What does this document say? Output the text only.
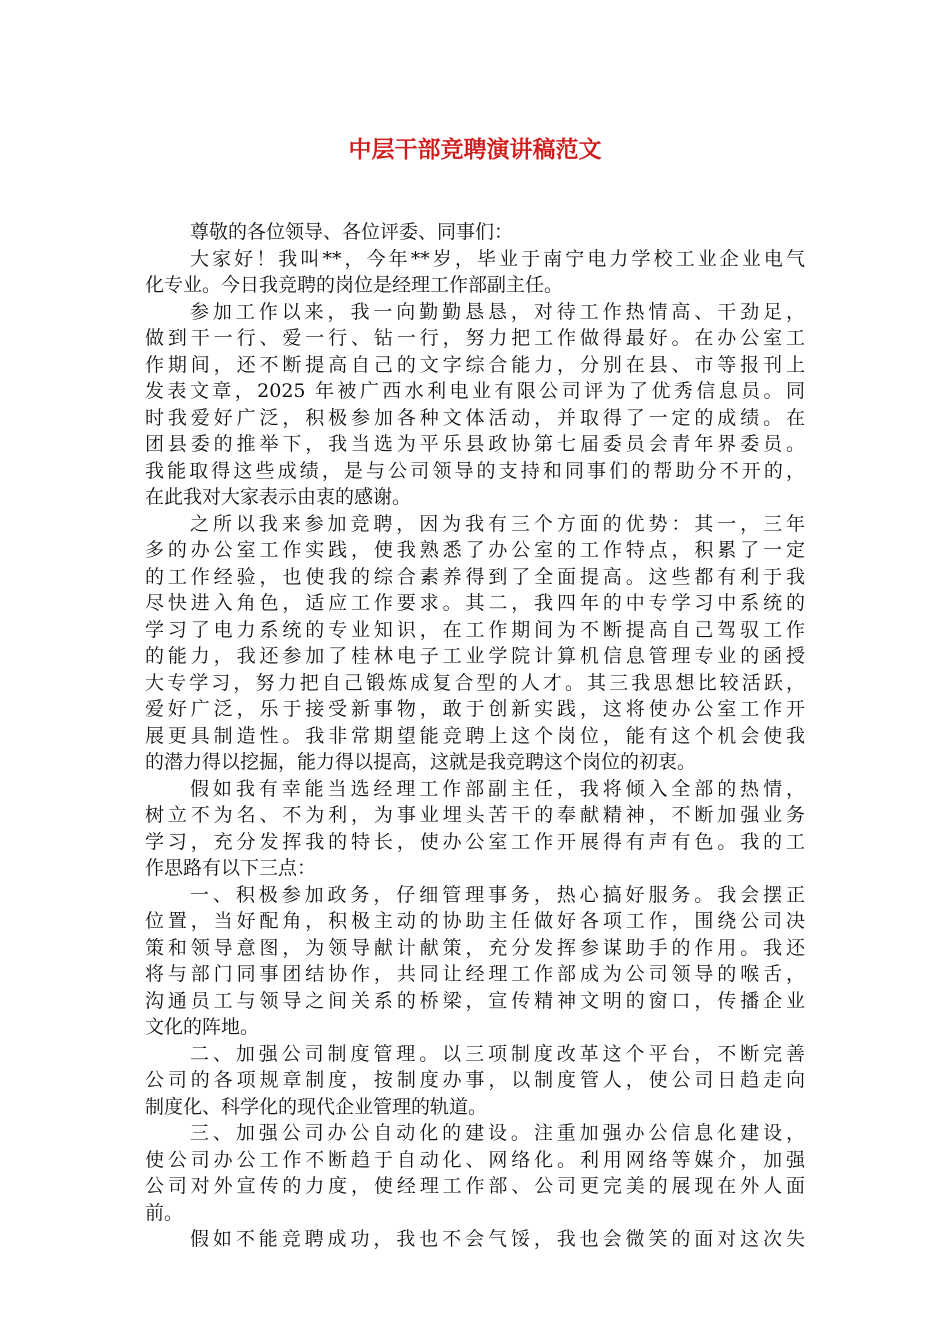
中层干部竞聘演讲稿范文
尊敬的各位领导、各位评委、同事们：
大家好！我叫**，今年**岁，毕业于南宁电力学校工业企业电气
化专业。今日我竞聘的岗位是经理工作部副主任。
参加工作以来，我一向勤勤恳恳，对待工作热情高、干劲足，
做到干一行、爱一行、钻一行，努力把工作做得最好。在办公室工
作期间，还不断提高自己的文字综合能力，分别在县、市等报刊上
发表文章，2025 年被广西水利电业有限公司评为了优秀信息员。同
时我爱好广泛，积极参加各种文体活动，并取得了一定的成绩。在
团县委的推举下，我当选为平乐县政协第七届委员会青年界委员。
我能取得这些成绩，是与公司领导的支持和同事们的帮助分不开的，
在此我对大家表示由衷的感谢。
之所以我来参加竞聘，因为我有三个方面的优势：其一，三年
多的办公室工作实践，使我熟悉了办公室的工作特点，积累了一定
的工作经验，也使我的综合素养得到了全面提高。这些都有利于我
尽快进入角色，适应工作要求。其二，我四年的中专学习中系统的
学习了电力系统的专业知识，在工作期间为不断提高自己驾驭工作
的能力，我还参加了桂林电子工业学院计算机信息管理专业的函授
大专学习，努力把自己锻炼成复合型的人才。其三我思想比较活跃，
爱好广泛，乐于接受新事物，敢于创新实践，这将使办公室工作开
展更具制造性。我非常期望能竞聘上这个岗位，能有这个机会使我
的潜力得以挖掘，能力得以提高，这就是我竞聘这个岗位的初衷。
假如我有幸能当选经理工作部副主任，我将倾入全部的热情，
树立不为名、不为利，为事业埋头苦干的奉献精神，不断加强业务
学习，充分发挥我的特长，使办公室工作开展得有声有色。我的工
作思路有以下三点：
一、积极参加政务，仔细管理事务，热心搞好服务。我会摆正
位置，当好配角，积极主动的协助主任做好各项工作，围绕公司决
策和领导意图，为领导献计献策，充分发挥参谋助手的作用。我还
将与部门同事团结协作，共同让经理工作部成为公司领导的喉舌，
沟通员工与领导之间关系的桥梁，宣传精神文明的窗口，传播企业
文化的阵地。
二、加强公司制度管理。以三项制度改革这个平台，不断完善
公司的各项规章制度，按制度办事，以制度管人，使公司日趋走向
制度化、科学化的现代企业管理的轨道。
三、加强公司办公自动化的建设。注重加强办公信息化建设，
使公司办公工作不断趋于自动化、网络化。利用网络等媒介，加强
公司对外宣传的力度，使经理工作部、公司更完美的展现在外人面
前。
假如不能竞聘成功，我也不会气馁，我也会微笑的面对这次失
